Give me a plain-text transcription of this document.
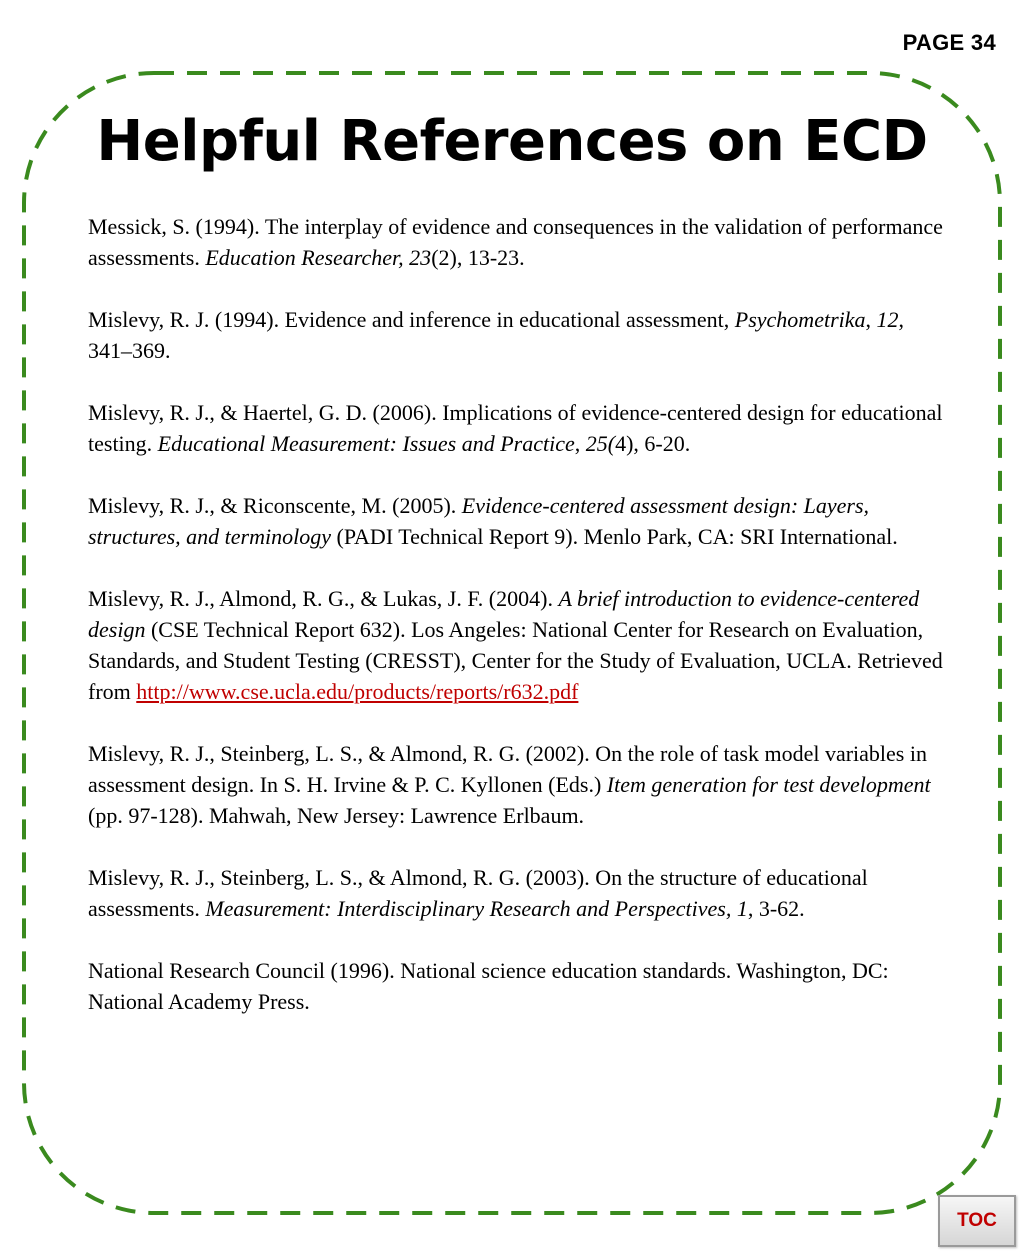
PAGE 34
Helpful References on ECD

Messick, S. (1994). The interplay of evidence and consequences in the validation of performance assessments. Education Researcher, 23(2), 13-23.

Mislevy, R. J. (1994). Evidence and inference in educational assessment, Psychometrika, 12, 341–369.

Mislevy, R. J., & Haertel, G. D. (2006). Implications of evidence-centered design for educational testing. Educational Measurement: Issues and Practice, 25(4), 6-20.

Mislevy, R. J., & Riconscente, M. (2005). Evidence-centered assessment design: Layers, structures, and terminology (PADI Technical Report 9). Menlo Park, CA: SRI International.

Mislevy, R. J., Almond, R. G., & Lukas, J. F. (2004). A brief introduction to evidence-centered design (CSE Technical Report 632). Los Angeles: National Center for Research on Evaluation, Standards, and Student Testing (CRESST), Center for the Study of Evaluation, UCLA. Retrieved from http://www.cse.ucla.edu/products/reports/r632.pdf

Mislevy, R. J., Steinberg, L. S., & Almond, R. G. (2002). On the role of task model variables in assessment design. In S. H. Irvine & P. C. Kyllonen (Eds.) Item generation for test development (pp. 97-128). Mahwah, New Jersey: Lawrence Erlbaum.

Mislevy, R. J., Steinberg, L. S., & Almond, R. G. (2003). On the structure of educational assessments. Measurement: Interdisciplinary Research and Perspectives, 1, 3-62.

National Research Council (1996). National science education standards. Washington, DC: National Academy Press.

TOC
